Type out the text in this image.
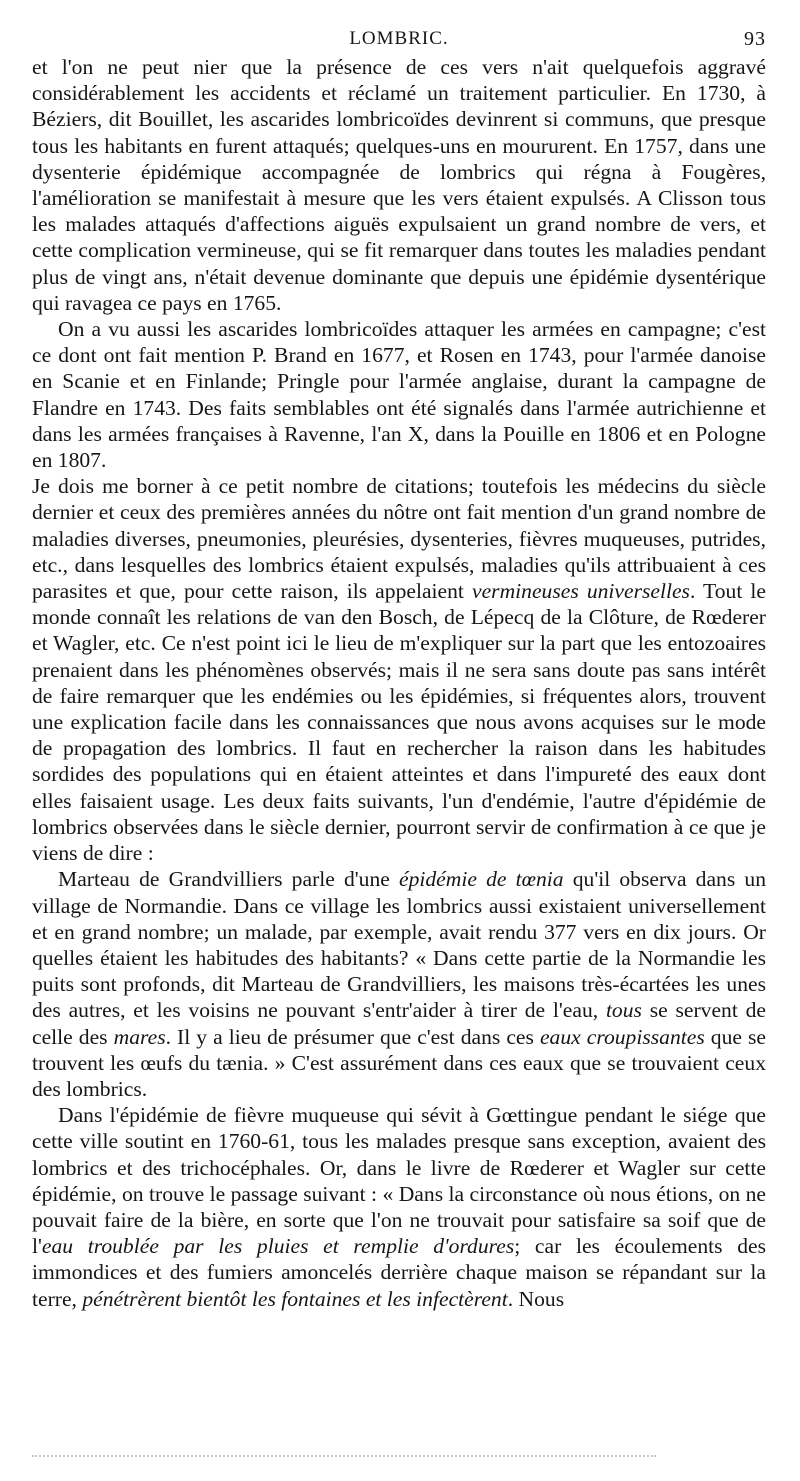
LOMBRIC.	93

et l'on ne peut nier que la présence de ces vers n'ait quelquefois aggravé considérablement les accidents et réclamé un traitement particulier. En 1730, à Béziers, dit Bouillet, les ascarides lombricoïdes devinrent si communs, que presque tous les habitants en furent attaqués; quelques-uns en moururent. En 1757, dans une dysenterie épidémique accompagnée de lombrics qui régna à Fougères, l'amélioration se manifestait à mesure que les vers étaient expulsés. A Clisson tous les malades attaqués d'affections aiguës expulsaient un grand nombre de vers, et cette complication vermineuse, qui se fit remarquer dans toutes les maladies pendant plus de vingt ans, n'était devenue dominante que depuis une épidémie dysentérique qui ravagea ce pays en 1765.

On a vu aussi les ascarides lombricoïdes attaquer les armées en campagne; c'est ce dont ont fait mention P. Brand en 1677, et Rosen en 1743, pour l'armée danoise en Scanie et en Finlande; Pringle pour l'armée anglaise, durant la campagne de Flandre en 1743. Des faits semblables ont été signalés dans l'armée autrichienne et dans les armées françaises à Ravenne, l'an X, dans la Pouille en 1806 et en Pologne en 1807.

Je dois me borner à ce petit nombre de citations; toutefois les médecins du siècle dernier et ceux des premières années du nôtre ont fait mention d'un grand nombre de maladies diverses, pneumonies, pleurésies, dysenteries, fièvres muqueuses, putrides, etc., dans lesquelles des lombrics étaient expulsés, maladies qu'ils attribuaient à ces parasites et que, pour cette raison, ils appelaient vermineuses universelles. Tout le monde connaît les relations de van den Bosch, de Lépecq de la Clôture, de Rœderer et Wagler, etc. Ce n'est point ici le lieu de m'expliquer sur la part que les entozoaires prenaient dans les phénomènes observés; mais il ne sera sans doute pas sans intérêt de faire remarquer que les endémies ou les épidémies, si fréquentes alors, trouvent une explication facile dans les connaissances que nous avons acquises sur le mode de propagation des lombrics. Il faut en rechercher la raison dans les habitudes sordides des populations qui en étaient atteintes et dans l'impureté des eaux dont elles faisaient usage. Les deux faits suivants, l'un d'endémie, l'autre d'épidémie de lombrics observées dans le siècle dernier, pourront servir de confirmation à ce que je viens de dire :

Marteau de Grandvilliers parle d'une épidémie de tœnia qu'il observa dans un village de Normandie. Dans ce village les lombrics aussi existaient universellement et en grand nombre; un malade, par exemple, avait rendu 377 vers en dix jours. Or quelles étaient les habitudes des habitants? « Dans cette partie de la Normandie les puits sont profonds, dit Marteau de Grandvilliers, les maisons très-écartées les unes des autres, et les voisins ne pouvant s'entr'aider à tirer de l'eau, tous se servent de celle des mares. Il y a lieu de présumer que c'est dans ces eaux croupissantes que se trouvent les œufs du tænia. » C'est assurément dans ces eaux que se trouvaient ceux des lombrics.

Dans l'épidémie de fièvre muqueuse qui sévit à Gœttingue pendant le siége que cette ville soutint en 1760-61, tous les malades presque sans exception, avaient des lombrics et des trichocéphales. Or, dans le livre de Rœderer et Wagler sur cette épidémie, on trouve le passage suivant : « Dans la circonstance où nous étions, on ne pouvait faire de la bière, en sorte que l'on ne trouvait pour satisfaire sa soif que de l'eau troublée par les pluies et remplie d'ordures; car les écoulements des immondices et des fumiers amoncelés derrière chaque maison se répandant sur la terre, pénétrèrent bientôt les fontaines et les infectèrent. Nous
